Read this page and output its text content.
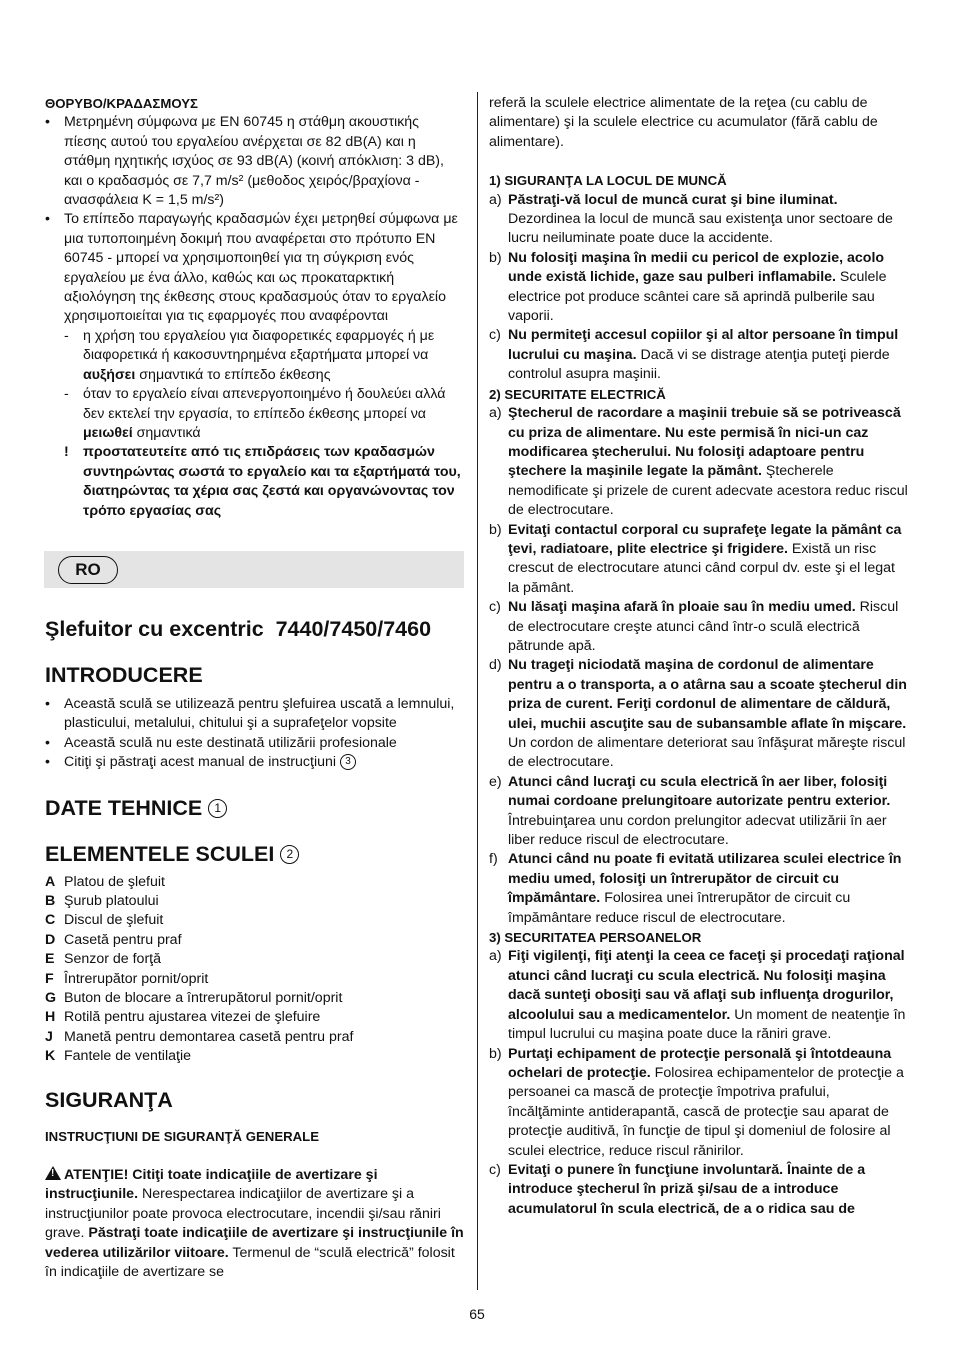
ΘΟΡΥΒΟ/ΚΡΑΔΑΣΜΟΥΣ
• Μετρημένη σύμφωνα με EN 60745 η στάθμη ακουστικής πίεσης αυτού του εργαλείου ανέρχεται σε 82 dB(A) και η στάθμη ηχητικής ισχύος σε 93 dB(A) (κοινή απόκλιση: 3 dB), και ο κραδασμός σε 7,7 m/s² (μεθοδος χειρός/βραχίονα - ανασφάλεια K = 1,5 m/s²)
• Το επίπεδο παραγωγής κραδασμών έχει μετρηθεί σύμφωνα με μια τυποποιημένη δοκιμή που αναφέρεται στο πρότυπο EN 60745 - μπορεί να χρησιμοποιηθεί για τη σύγκριση ενός εργαλείου με ένα άλλο, καθώς και ως προκαταρκτική αξιολόγηση της έκθεσης στους κραδασμούς όταν το εργαλείο χρησιμοποιείται για τις εφαρμογές που αναφέρονται
-	η χρήση του εργαλείου για διαφορετικές εφαρμογές ή με διαφορετικά ή κακοσυντηρημένα εξαρτήματα μπορεί να αυξήσει σημαντικά το επίπεδο έκθεσης
-	όταν το εργαλείο είναι απενεργοποιημένο ή δουλεύει αλλά δεν εκτελεί την εργασία, το επίπεδο έκθεσης μπορεί να μειωθεί σημαντικά
!	προστατευτείτε από τις επιδράσεις των κραδασμών συντηρώντας σωστά το εργαλείο και τα εξαρτήματά του, διατηρώντας τα χέρια σας ζεστά και οργανώνοντας τον τρόπο εργασίας σας
RO
Şlefuitor cu excentric  7440/7450/7460
INTRODUCERE
• Această sculă se utilizează pentru şlefuirea uscată a lemnului, plasticului, metalului, chitului şi a suprafeţelor vopsite
• Această sculă nu este destinată utilizării profesionale
• Citiţi şi păstraţi acest manual de instrucţiuni 3
DATE TEHNICE 1
ELEMENTELE SCULEI 2
A Platou de şlefuit
B Şurub platoului
C Discul de şlefuit
D Casetă pentru praf
E Senzor de forţă
F Întrerupător pornit/oprit
G Buton de blocare a întrerupătorul pornit/oprit
H Rotilă pentru ajustarea vitezei de şlefuire
J Manetă pentru demontarea casetă pentru praf
K Fantele de ventilaţie
SIGURANŢA
INSTRUCŢIUNI DE SIGURANŢĂ GENERALE
!ATENŢIE! Citiţi toate indicaţiile de avertizare şi instrucţiunile. Nerespectarea indicaţiilor de avertizare şi a instrucţiunilor poate provoca electrocutare, incendii şi/sau răniri grave. Păstraţi toate indicaţiile de avertizare şi instrucţiunile în vederea utilizărilor viitoare. Termenul de “sculă electrică” folosit în indicaţiile de avertizare se
referă la sculele electrice alimentate de la reţea (cu cablu de alimentare) şi la sculele electrice cu acumulator (fără cablu de alimentare).
1) SIGURANŢA LA LOCUL DE MUNCĂ
a) Păstraţi-vă locul de muncă curat şi bine iluminat. Dezordinea la locul de muncă sau existenţa unor sectoare de lucru neiluminate poate duce la accidente.
b) Nu folosiţi maşina în medii cu pericol de explozie, acolo unde există lichide, gaze sau pulberi inflamabile. Sculele electrice pot produce scântei care să aprindă pulberile sau vaporii.
c) Nu permiteţi accesul copiilor şi al altor persoane în timpul lucrului cu maşina. Dacă vi se distrage atenţia puteţi pierde controlul asupra maşinii.
2) SECURITATE ELECTRICĂ
a) Ştecherul de racordare a maşinii trebuie să se potrivească cu priza de alimentare. Nu este permisă în nici-un caz modificarea ştecherului. Nu folosiţi adaptoare pentru ştechere la maşinile legate la pământ. Ştecherele nemodificate şi prizele de curent adecvate acestora reduc riscul de electrocutare.
b) Evitaţi contactul corporal cu suprafeţe legate la pământ ca ţevi, radiatoare, plite electrice şi frigidere. Există un risc crescut de electrocutare atunci când corpul dv. este şi el legat la pământ.
c) Nu lăsaţi maşina afară în ploaie sau în mediu umed. Riscul de electrocutare creşte atunci când într-o sculă electrică pătrunde apă.
d) Nu trageţi niciodată maşina de cordonul de alimentare pentru a o transporta, a o atârna sau a scoate ştecherul din priza de curent. Feriţi cordonul de alimentare de căldură, ulei, muchii ascuţite sau de subansamble aflate în mişcare. Un cordon de alimentare deteriorat sau înfăşurat măreşte riscul de electrocutare.
e) Atunci când lucraţi cu scula electrică în aer liber, folosiţi numai cordoane prelungitoare autorizate pentru exterior. Întrebuinţarea unu cordon prelungitor adecvat utilizării în aer liber reduce riscul de electrocutare.
f) Atunci când nu poate fi evitată utilizarea sculei electrice în mediu umed, folosiţi un întrerupător de circuit cu împământare. Folosirea unei întrerupător de circuit cu împământare reduce riscul de electrocutare.
3) SECURITATEA PERSOANELOR
a) Fiţi vigilenţi, fiţi atenţi la ceea ce faceţi şi procedaţi raţional atunci când lucraţi cu scula electrică. Nu folosiţi maşina dacă sunteţi obosiţi sau vă aflaţi sub influenţa drogurilor, alcoolului sau a medicamentelor. Un moment de neatenţie în timpul lucrului cu maşina poate duce la răniri grave.
b) Purtaţi echipament de protecţie personală şi întotdeauna ochelari de protecţie. Folosirea echipamentelor de protecţie a persoanei ca mască de protecţie împotriva prafului, încălţăminte antiderapantă, cască de protecţie sau aparat de protecţie auditivă, în funcţie de tipul şi domeniul de folosire al sculei electrice, reduce riscul rănirilor.
c) Evitaţi o punere în funcţiune involuntară. Înainte de a introduce ştecherul în priză şi/sau de a introduce acumulatorul în scula electrică, de a o ridica sau de
65
